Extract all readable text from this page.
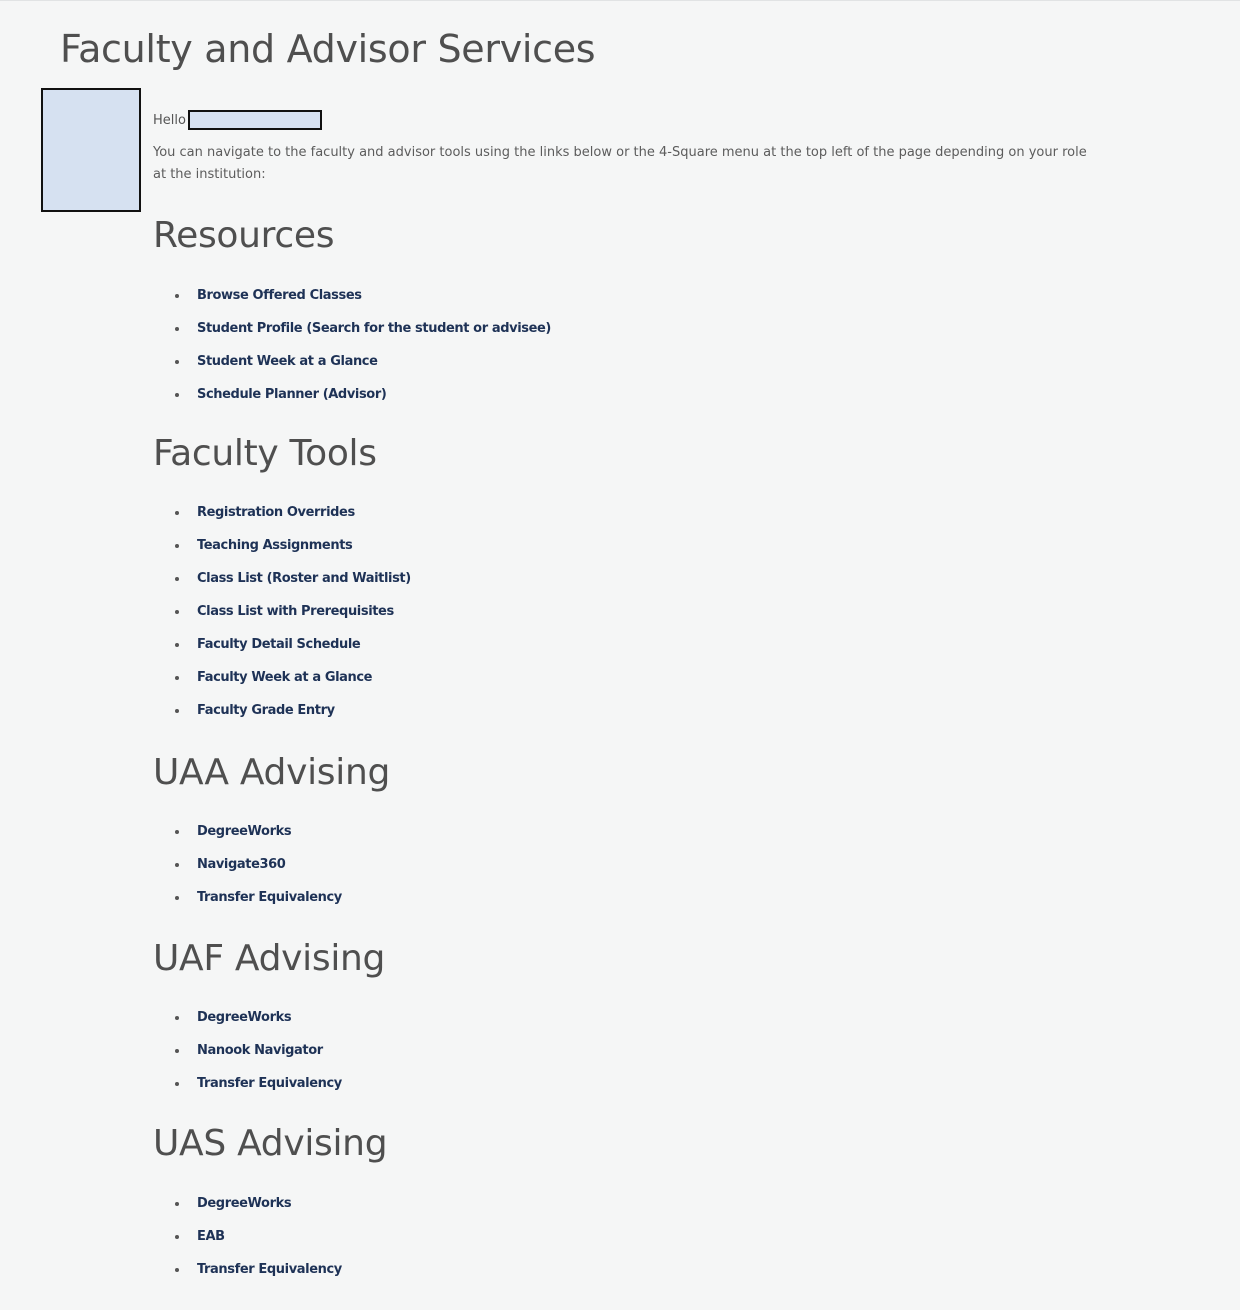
Faculty and Advisor Services
Hello

You can navigate to the faculty and advisor tools using the links below or the 4-Square menu at the top left of the page depending on your role at the institution:

Resources
Browse Offered Classes
Student Profile (Search for the student or advisee)
Student Week at a Glance
Schedule Planner (Advisor)
Faculty Tools
Registration Overrides
Teaching Assignments
Class List (Roster and Waitlist)
Class List with Prerequisites
Faculty Detail Schedule
Faculty Week at a Glance
Faculty Grade Entry
UAA Advising
DegreeWorks
Navigate360
Transfer Equivalency
UAF Advising
DegreeWorks
Nanook Navigator
Transfer Equivalency
UAS Advising
DegreeWorks
EAB
Transfer Equivalency
